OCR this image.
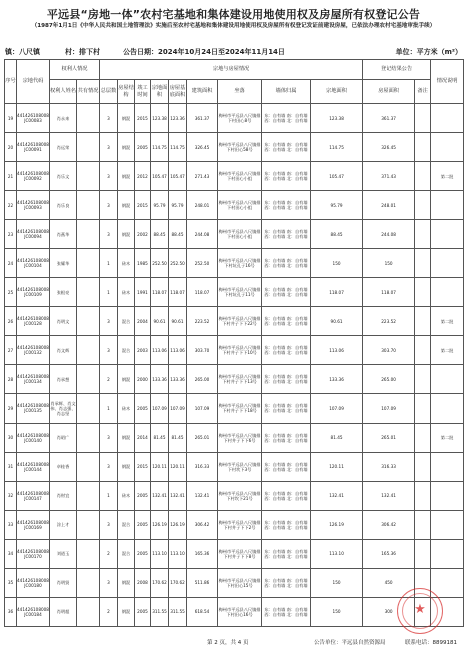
平远县“房地一体”农村宅基地和集体建设用地使用权及房屋所有权登记公告
（1987年1月1日《中华人民共和国土地管理法》实施后至农村宅基地和集体建设用地使用权及房屋所有权登记发证前建设房屋，已依法办理农村宅基地审批手续）
镇：八尺镇	村：排下村	公告日期：2024年10月24日至2024年11月14日	单位：平方米（m²）
序号	宗地代码	权利人情况		宗地与房屋情况									登记结果公告		情况说明
		权利人姓名	共有情况	总层数	房屋结构	竣工时间	宗地面积	房屋基底面积	建筑面积	坐落	墙体归属	宗地面积	房屋面积	备注	
19	441426108008JC00083	肖永来		3	钢混	2015	123.38	123.36	361.37	梅州市平远县八尺镇排下村田心8号	东：自有墙 南：自有墙 西：自有墙 北：自有墙	123.38	361.37		
20	441426108008JC00091	肖远荣		3	钢混	2005	114.75	114.75	326.45	梅州市平远县八尺镇排下村田心58号	东：自有墙 南：自有墙 西：自有墙 北：自有墙	114.75	326.45		
21	441426108008JC00092	肖乐文		3	钢混	2012	105.47	105.47	271.43	梅州市平远县八尺镇排下村田心小组	东：自有墙 南：自有墙 西：自有墙 北：自有墙	105.47	371.43		第二批
22	441426108008JC00093	肖乐良		3	钢混	2015	95.79	95.79	248.01	梅州市平远县八尺镇排下村田心小组	东：自有墙 南：自有墙 西：自有墙 北：自有墙	95.79	248.01		
23	441426108008JC00094	肖燕华		3	钢混	2002	88.45	88.45	244.08	梅州市平远县八尺镇排下村田心小组	东：自有墙 南：自有墙 西：自有墙 北：自有墙	88.45	244.08		
24	441426108008JC00104	张耀华		1	砖木	1985	252.50	252.50	252.50	梅州市平远县八尺镇排下村坑孔子16号	东：自有墙 南：自有墙 西：自有墙 北：自有墙	150	150		
25	441426108008JC00109	张根亮		1	砖木	1991	118.07	118.07	118.07	梅州市平远县八尺镇排下村坑孔子11号	东：自有墙 南：自有墙 西：自有墙 北：自有墙	118.07	118.07		
26	441426108008JC00128	肖明文		3	混合	2004	90.61	90.61	223.52	梅州市平远县八尺镇排下村井子下下22号	东：自有墙 南：自有墙 西：自有墙 北：自有墙	90.61	223.52		第二批
27	441426108008JC00132	肖文辉		3	混合	2003	113.06	113.06	303.70	梅州市平远县八尺镇排下村井子下下10号	东：自有墙 南：自有墙 西：自有墙 北：自有墙	113.06	303.70		第二批
28	441426108008JC00134	肖承想		2	钢混	2000	133.36	133.36	265.00	梅州市平远县八尺镇排下村井子下下13号	东：自有墙 南：自有墙 西：自有墙 北：自有墙	133.36	265.00		
29	441426108008JC00135	肖承辉、肖文伟、肖志强、肖志坚		1	砖木	2005	107.09	107.09	107.09	梅州市平远县八尺镇排下村井子下下18号	东：自有墙 南：自有墙 西：自有墙 北：自有墙	107.09	107.09		
30	441426108008JC00140	肖昭广		3	钢混	2014	81.45	81.45	265.01	梅州市平远县八尺镇排下村井子下下6号	东：自有墙 南：自有墙 西：自有墙 北：自有墙	81.45	265.01		第二批
31	441426108008JC00144	卓桂香		3	钢混	2015	120.11	120.11	316.33	梅州市平远县八尺镇排下村坎下3号	东：自有墙 南：自有墙 西：自有墙 北：自有墙	120.11	316.33		
32	441426108008JC00147	肖财宜		1	砖木	2005	132.41	132.41	132.41	梅州市平远县八尺镇排下村坎下21号	东：自有墙 南：自有墙 西：自有墙 北：自有墙	132.41	132.41		
33	441426108008JC00169	涂上才		3	混合	2005	126.19	126.19	306.42	梅州市平远县八尺镇排下村井子下下2号	东：自有墙 南：自有墙 西：自有墙 北：自有墙	126.19	306.42		
34	441426108008JC00170	刘道玉		2	混合	2005	113.10	113.10	165.36	梅州市平远县八尺镇排下村井子下下8号	东：自有墙 南：自有墙 西：自有墙 北：自有墙	113.10	165.36		
35	441426108008JC00180	肖明贤		3	钢混	2008	170.62	170.62	511.86	梅州市平远县八尺镇排下村田心15号	东：自有墙 南：自有墙 西：自有墙 北：自有墙	150	450		
36	441426108008JC00184	肖明超		2	钢混	2005	311.55	311.55	618.54	梅州市平远县八尺镇排下村田心16号	东：自有墙 南：自有墙 西：自有墙 北：自有墙	150	300			★
第 2 页，共 4 页	公告单位：平远县自然资源局	联系电话：8899181
